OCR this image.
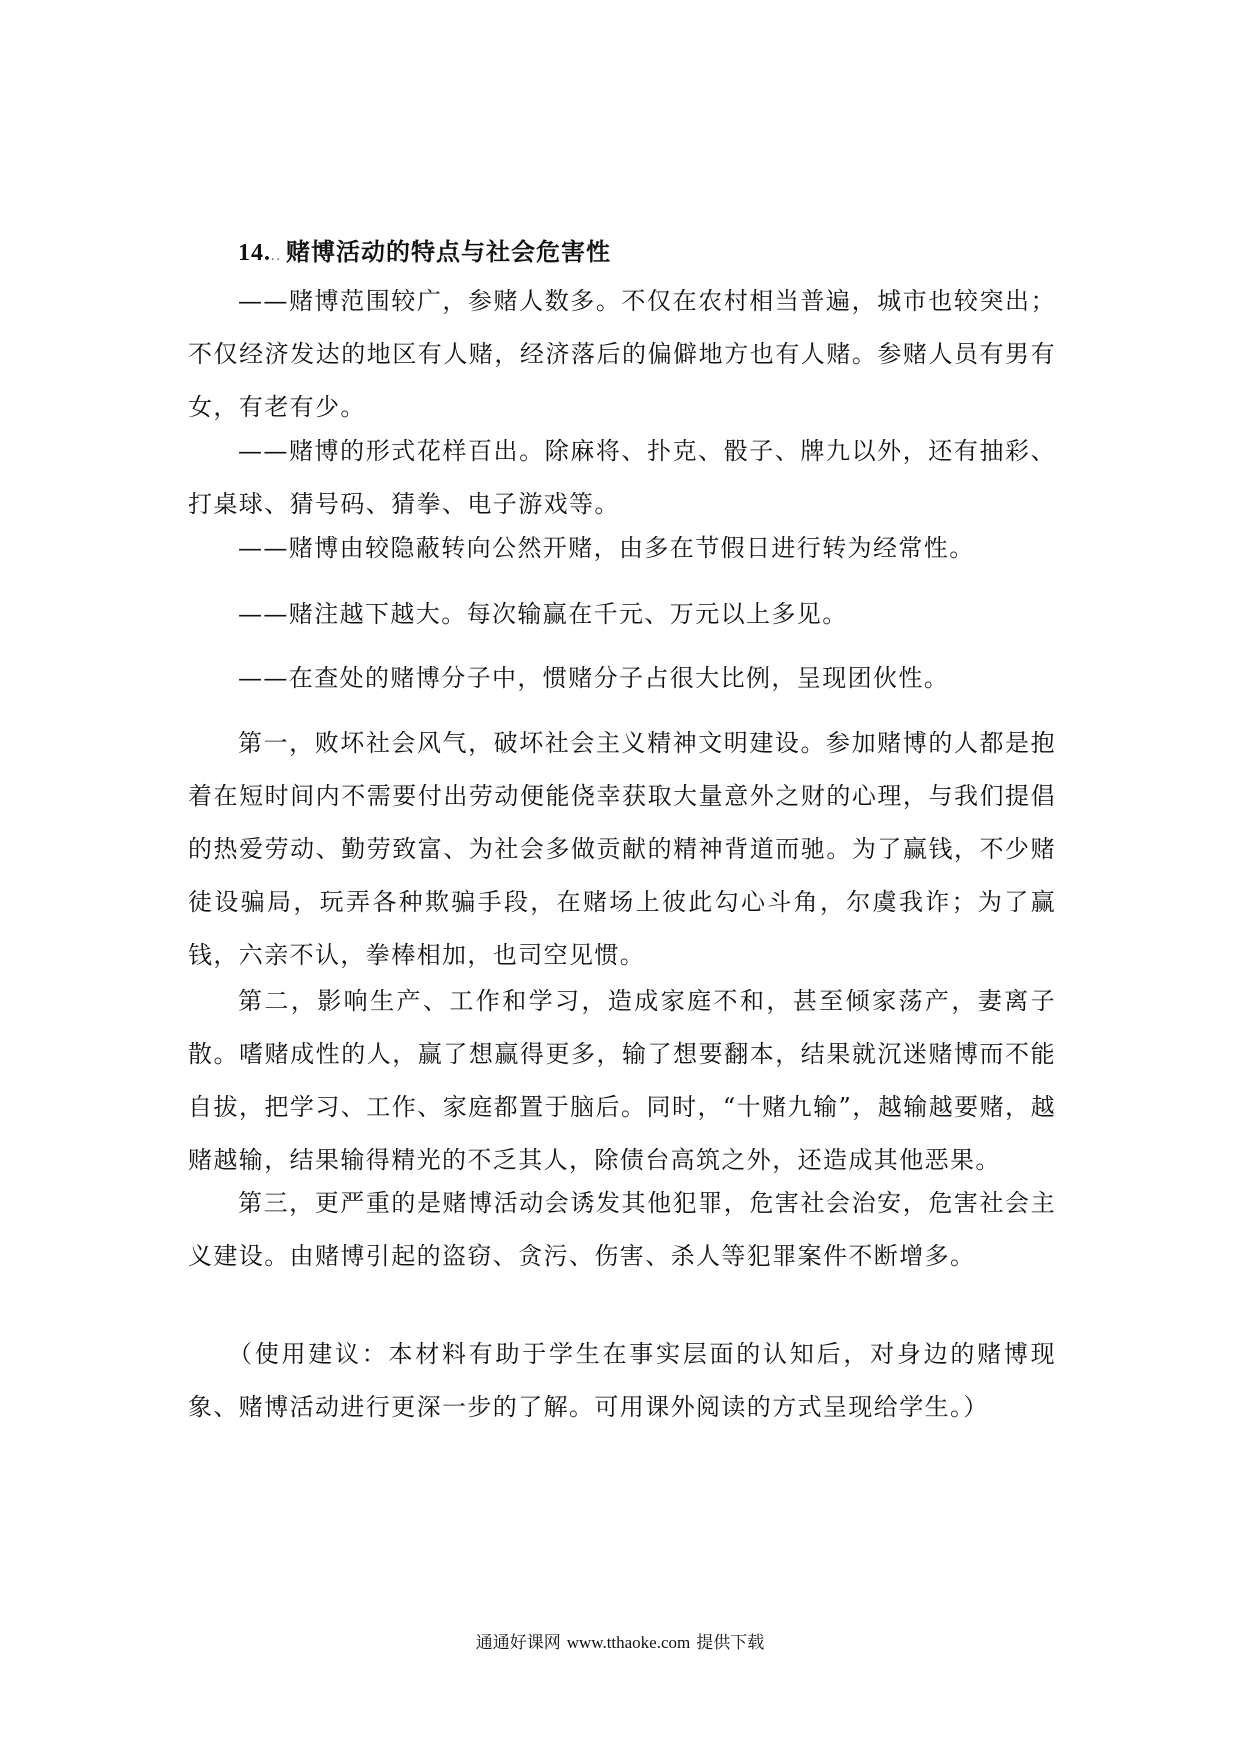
14... 赌博活动的特点与社会危害性

——赌博范围较广，参赌人数多。不仅在农村相当普遍，城市也较突出；不仅经济发达的地区有人赌，经济落后的偏僻地方也有人赌。参赌人员有男有女，有老有少。

——赌博的形式花样百出。除麻将、扑克、骰子、牌九以外，还有抽彩、打桌球、猜号码、猜拳、电子游戏等。

——赌博由较隐蔽转向公然开赌，由多在节假日进行转为经常性。

——赌注越下越大。每次输赢在千元、万元以上多见。

——在查处的赌博分子中，惯赌分子占很大比例，呈现团伙性。

第一，败坏社会风气，破坏社会主义精神文明建设。参加赌博的人都是抱着在短时间内不需要付出劳动便能侥幸获取大量意外之财的心理，与我们提倡的热爱劳动、勤劳致富、为社会多做贡献的精神背道而驰。为了赢钱，不少赌徒设骗局，玩弄各种欺骗手段，在赌场上彼此勾心斗角，尔虞我诈；为了赢钱，六亲不认，拳棒相加，也司空见惯。

第二，影响生产、工作和学习，造成家庭不和，甚至倾家荡产，妻离子散。嗜赌成性的人，赢了想赢得更多，输了想要翻本，结果就沉迷赌博而不能自拔，把学习、工作、家庭都置于脑后。同时，“十赌九输”，越输越要赌，越赌越输，结果输得精光的不乏其人，除债台高筑之外，还造成其他恶果。

第三，更严重的是赌博活动会诱发其他犯罪，危害社会治安，危害社会主义建设。由赌博引起的盗窃、贪污、伤害、杀人等犯罪案件不断增多。

（使用建议：本材料有助于学生在事实层面的认知后，对身边的赌博现象、赌博活动进行更深一步的了解。可用课外阅读的方式呈现给学生。）

通通好课网 www.tthaoke.com 提供下载
